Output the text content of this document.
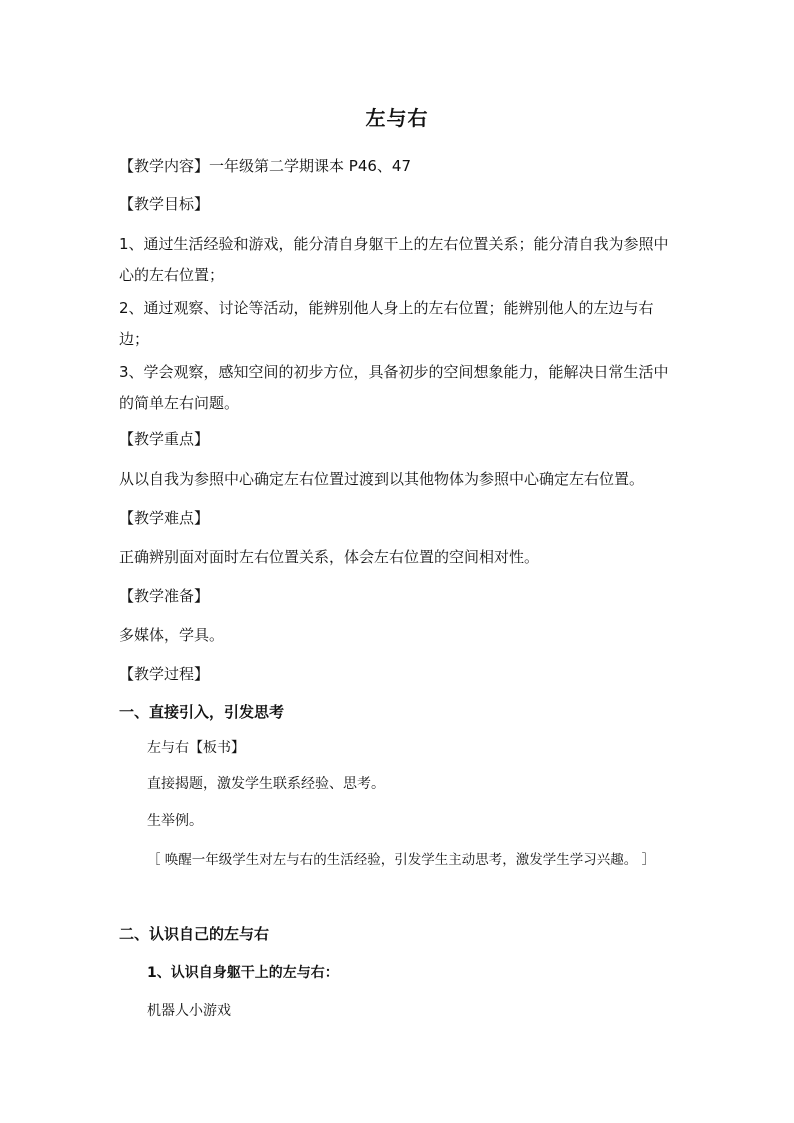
左与右

【教学内容】一年级第二学期课本 P46、47

【教学目标】

1、通过生活经验和游戏，能分清自身躯干上的左右位置关系；能分清自我为参照中心的左右位置；

2、通过观察、讨论等活动，能辨别他人身上的左右位置；能辨别他人的左边与右边；

3、学会观察，感知空间的初步方位，具备初步的空间想象能力，能解决日常生活中的简单左右问题。

【教学重点】

从以自我为参照中心确定左右位置过渡到以其他物体为参照中心确定左右位置。

【教学难点】

正确辨别面对面时左右位置关系，体会左右位置的空间相对性。

【教学准备】

多媒体，学具。

【教学过程】

一、直接引入，引发思考

左与右【板书】

直接揭题，激发学生联系经验、思考。

生举例。

［ 唤醒一年级学生对左与右的生活经验，引发学生主动思考，激发学生学习兴趣。 ］

二、认识自己的左与右

1、认识自身躯干上的左与右：

机器人小游戏
